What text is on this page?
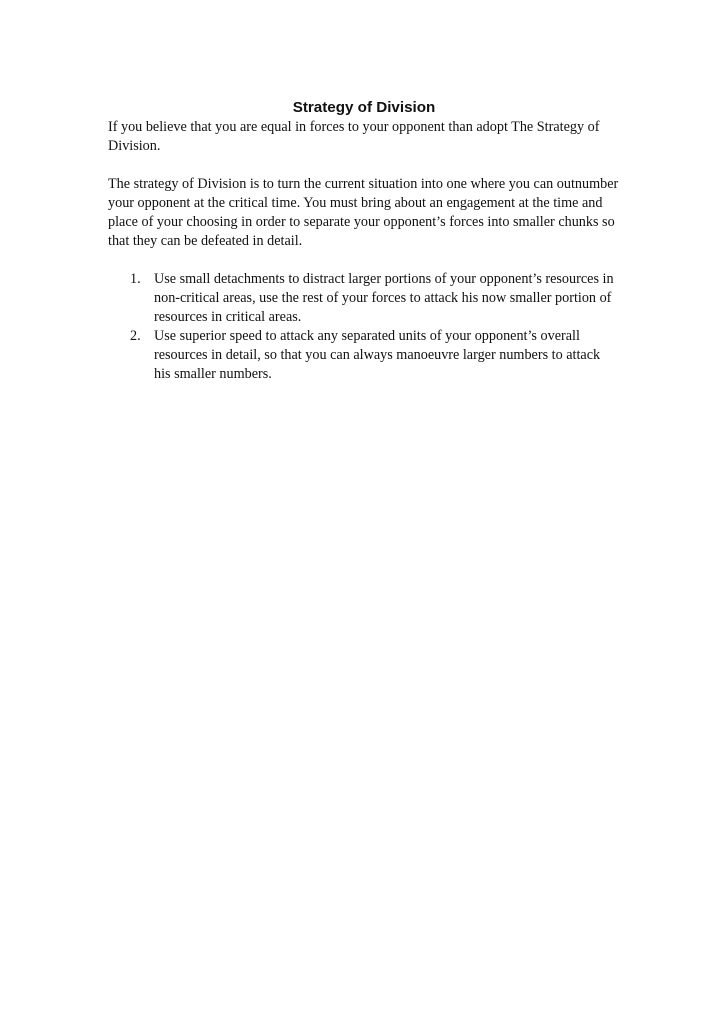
Strategy of Division

If you believe that you are equal in forces to your opponent than adopt The Strategy of Division.

The strategy of Division is to turn the current situation into one where you can outnumber your opponent at the critical time. You must bring about an engagement at the time and place of your choosing in order to separate your opponent’s forces into smaller chunks so that they can be defeated in detail.

1. Use small detachments to distract larger portions of your opponent’s resources in non-critical areas, use the rest of your forces to attack his now smaller portion of resources in critical areas.
2. Use superior speed to attack any separated units of your opponent’s overall resources in detail, so that you can always manoeuvre larger numbers to attack his smaller numbers.
